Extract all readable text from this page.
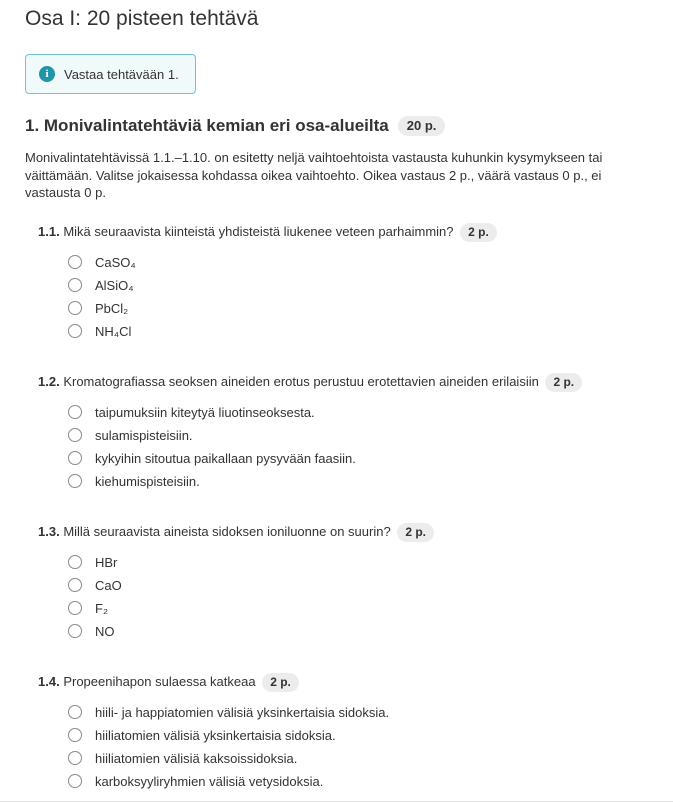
Osa I: 20 pisteen tehtävä
i	Vastaa tehtävään 1.
1. Monivalintatehtäviä kemian eri osa-alueilta	20 p.

Monivalintatehtävissä 1.1.–1.10. on esitetty neljä vaihtoehtoista vastausta kuhunkin kysymykseen tai väittämään. Valitse jokaisessa kohdassa oikea vaihtoehto. Oikea vastaus 2 p., väärä vastaus 0 p., ei vastausta 0 p.

1.1. Mikä seuraavista kiinteistä yhdisteistä liukenee veteen parhaimmin? 2 p.
CaSO₄
AlSiO₄
PbCl₂
NH₄Cl
1.2. Kromatografiassa seoksen aineiden erotus perustuu erotettavien aineiden erilaisiin 2 p.
taipumuksiin kiteytyä liuotinseoksesta.
sulamispisteisiin.
kykyihin sitoutua paikallaan pysyvään faasiin.
kiehumispisteisiin.
1.3. Millä seuraavista aineista sidoksen ioniluonne on suurin? 2 p.
HBr
CaO
F₂
NO
1.4. Propeenihapon sulaessa katkeaa 2 p.
hiili- ja happiatomien välisiä yksinkertaisia sidoksia.
hiiliatomien välisiä yksinkertaisia sidoksia.
hiiliatomien välisiä kaksoissidoksia.
karboksyyliryhmien välisiä vetysidoksia.
